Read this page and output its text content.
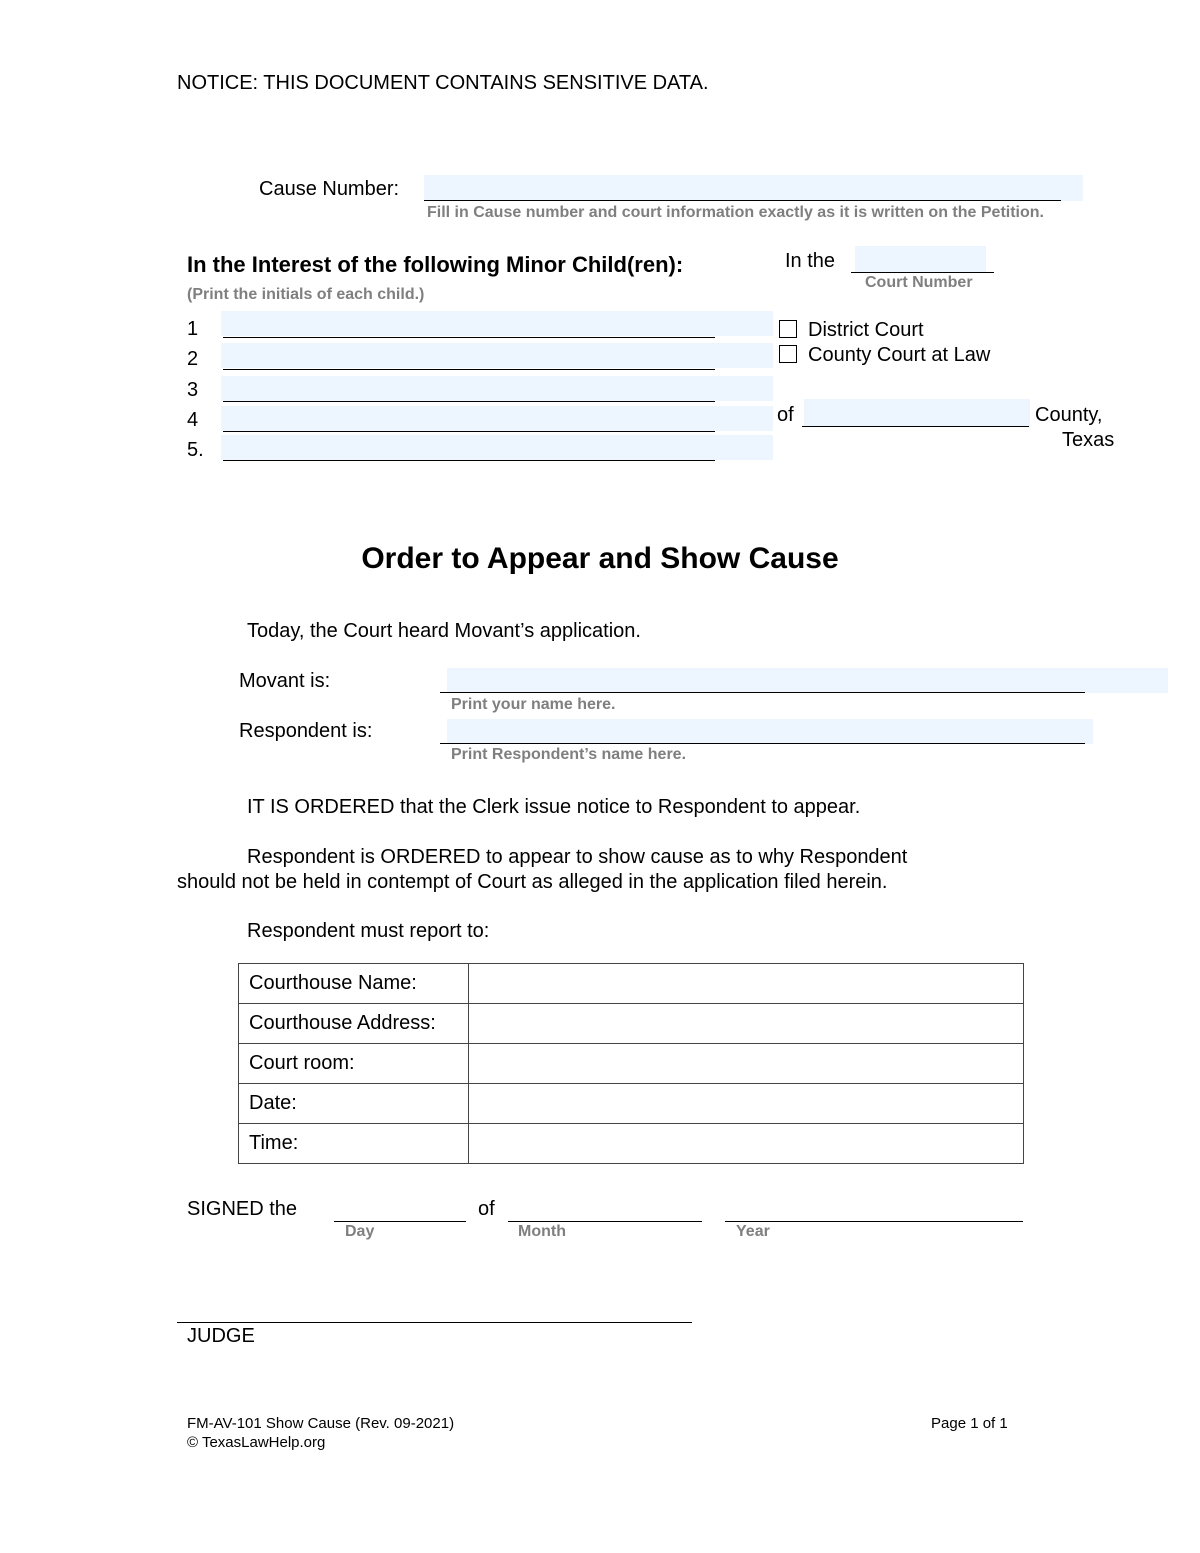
NOTICE: THIS DOCUMENT CONTAINS SENSITIVE DATA.
Cause Number:
Fill in Cause number and court information exactly as it is written on the Petition.
In the Interest of the following Minor Child(ren):
(Print the initials of each child.)
1
2
3
4
5.
In the
Court Number
District Court
County Court at Law
of	County,
Texas
Order to Appear and Show Cause
Today, the Court heard Movant’s application.
Movant is:
Print your name here.
Respondent is:
Print Respondent’s name here.
IT IS ORDERED that the Clerk issue notice to Respondent to appear.
Respondent is ORDERED to appear to show cause as to why Respondent
should not be held in contempt of Court as alleged in the application filed herein.
Respondent must report to:
Courthouse Name:	
Courthouse Address:	
Court room:	
Date:	
Time:	
SIGNED the
Day
of
Month	Year
JUDGE
FM-AV-101 Show Cause (Rev. 09-2021)
© TexasLawHelp.org
Page 1 of 1
